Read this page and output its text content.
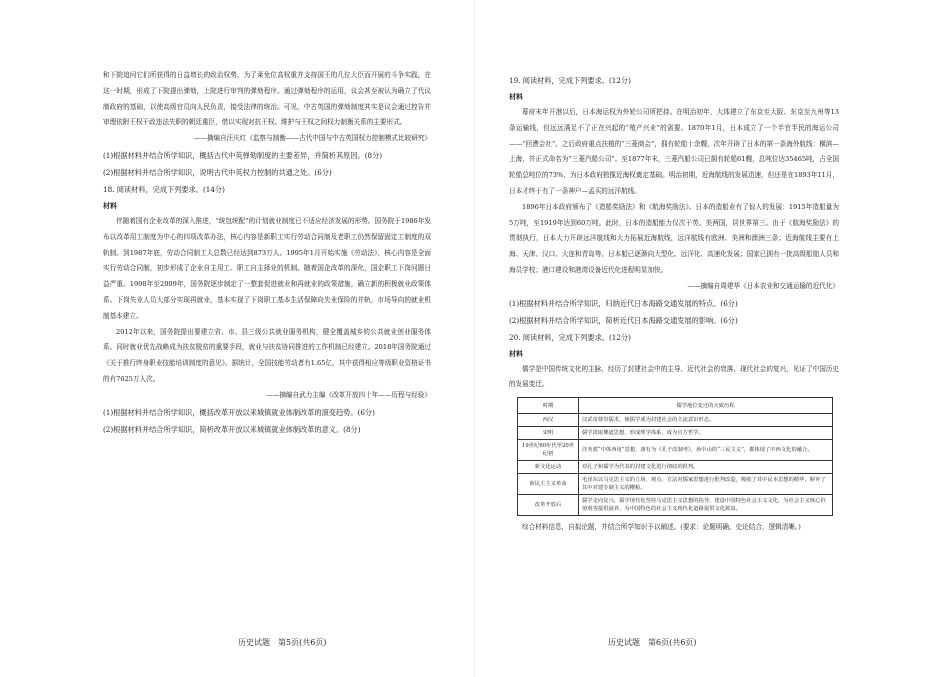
和下院追问它们所获得的日益增长的政治权势，为了莱免位高权重并支持国王的几位大臣而开展的斗争实践。在这一时期，形成了下院提出弹劾，上院进行审判的弹劾程序。通过弹劾程序的运用，议会甚至被认为确立了代议制政府的基础，以使高级官员向人民负责，接受法律的统治。可见，中古英国的弹劾制度其实是议会通过控告并审理依附王权干政违法失职的朝廷重臣，借以实现对抗王权、维护与王权之间权力制衡关系的主要形式。

——摘编自汪庆红《监察与制衡——古代中国与中古英国权力控制模式比较研究》

(1)根据材料并结合所学知识，概括古代中英弹劾制度的主要差异，并简析其原因。(8分)

(2)根据材料并结合所学知识，说明古代中英权力控制的共通之处。(6分)

18. 阅读材料，完成下列要求。(14分)

材料

伴随着国有企业改革的深入推进，“统包统配”的计划就业制度已不适应经济发展的形势。国务院于1986年发布以改革用工制度为中心的四项改革办法，核心内容是新职工实行劳动合同制及老职工仍然保留固定工制度的双轨制。到1987年底，劳动合同制工人总数已经达到873万人。1995年1月开始实施《劳动法》，核心内容是全面实行劳动合同制，初步形成了企业自主用工、职工自主择业的机制。随着国企改革的深化，国企职工下岗问题日益严重。1998年至2009年，国务院逐步制定了一整套促进就业和再就业的政策措施，确立新的积极就业政策体系。下岗失业人员大部分实现再就业，基本实现了下岗职工基本生活保障向失业保险的并轨，市场导向的就业机制基本建立。

2012年以来，国务院提出要建立省、市、县三级公共就业服务机构，健全覆盖城乡的公共就业创业服务体系。同时就业优先战略成为扶贫脱贫的重要手段，就业与扶贫协同推进的工作机制已经建立。2018年国务院通过《关于推行终身职业技能培训制度的意见》。据统计，全国技能劳动者有1.65亿，其中获得相应等级职业资格证书的有7625万人次。

——摘编自武力主编《改革开放四十年——历程与经验》

(1)根据材料并结合所学知识，概括改革开放以来城镇就业体制改革的演变趋势。(6分)

(2)根据材料并结合所学知识，简析改革开放以来城镇就业体制改革的意义。(8分)

历史试题　第5页(共6页)

19. 阅读材料，完成下列要求。(12分)

材料

幕府末年开港以后，日本海运权为外轮公司所把持。在明治初年，大体建立了东京至大阪、东京至九州等13条运输线，但远远满足不了正在兴起的“殖产兴业”的需要。1870年1月，日本成立了一个半官半民的海运公司——“回漕会社”。之后政府重点扶植的“三菱商会”，拥有轮船十余艘，次年开辟了日本的第一条海外航线：横滨—上海，并正式命名为“三菱汽船公司”。至1877年末，三菱汽船公司已拥有轮船61艘，总吨位达35465吨，占全国轮船总吨位的73%，为日本政府独揽近海权奠定基础。明治初期，近海航线的发展迅速，但还是在1893年11月，日本才终于有了一条神户—孟买的远洋航线。

1896年日本政府颁布了《造船奖励法》和《航海奖励法》。日本的造船业有了惊人的发展：1915年造船量为5万吨，至1919年达到60万吨。此时，日本的造船能力仅次于英、美两国，居世界第三。由于《航海奖励法》的贯彻执行，日本大力开辟远洋航线和大力拓展近海航线，远洋航线有欧洲、美洲和澳洲三条；近海航线主要有上海、天津、汉口、大连和青岛等。日本船已逐渐向大型化、远洋化、高速化发展；国家已拥有一批高级船舶人员和海员学校；港口建设和港湾设备近代化进程明显加快。

——摘编自周建华《日本农业和交通运输的近代化》

(1)根据材料并结合所学知识，归纳近代日本海路交通发展的特点。(6分)

(2)根据材料并结合所学知识，简析近代日本海路交通发展的影响。(6分)

20. 阅读材料，完成下列要求。(12分)

材料

儒学是中国传统文化的主脉，经历了封建社会中的主导、近代社会的衰落、现代社会的复兴，见证了中国历史的发展变迁。

时期	儒学地位变迁的大致历程
西汉	汉武帝尊崇儒术，使儒学成为封建社会的主流意识形态。
宋明	儒学汲取佛道思想，形成理学体系，成为官方哲学。
19世纪60年代至20世纪初	洋务派“中体西用”思想，康有为《孔子改制考》，孙中山的“三民主义”，都体现了中西文化的融合。
新文化运动	对孔子和儒学为代表的封建文化进行彻底的批判。
新民主主义革命	毛泽东以马克思主义的立场、观点、方法对儒家思想进行批判改造，吸收了其中民本思想的精华，摒弃了其中对建专制主义的糟粕。
改革开放后	儒学走向复兴，儒学现代化坚持马克思主义思想的指导，建设中国特色社会主义文化，为社会主义核心价值观等提供滋养，为中国特色的社会主义现代化道路提供文化源泉。

综合材料信息，自拟论题，并结合所学知识予以阐述。(要求：论题明确，史论结合，逻辑清晰。)

历史试题　第6页(共6页)
